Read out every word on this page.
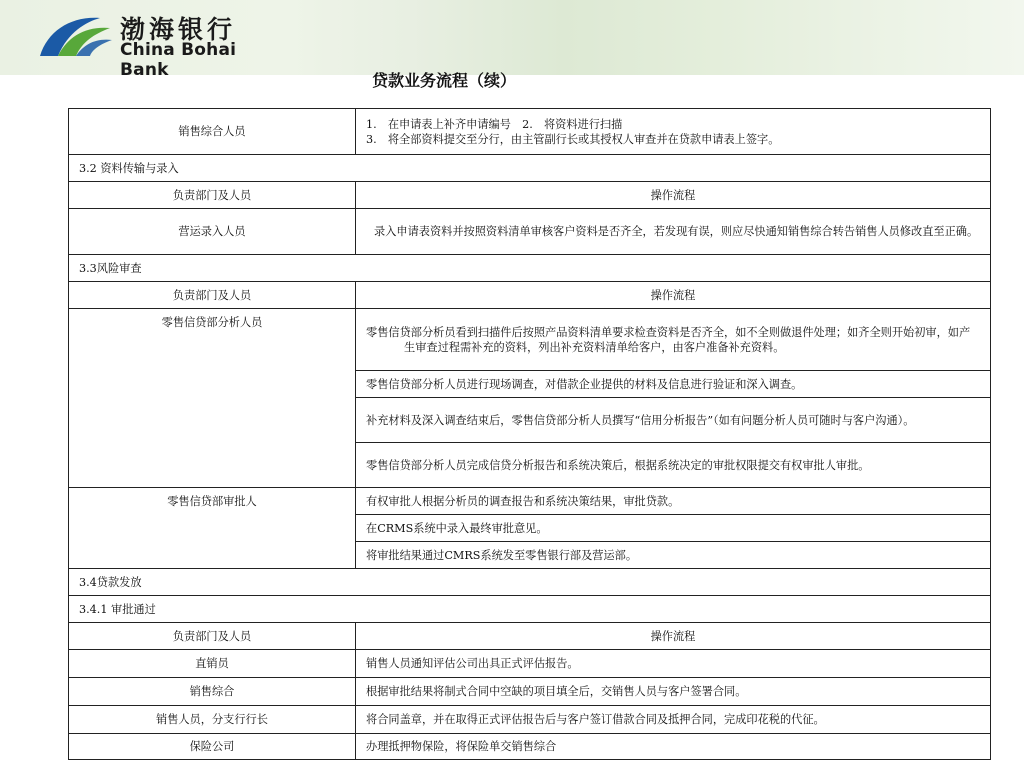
渤海银行
China Bohai Bank
贷款业务流程（续）
销售综合人员	1.　在申请表上补齐申请编号　2.　将资料进行扫描
3.　将全部资料提交至分行，由主管副行长或其授权人审查并在贷款申请表上签字。

3.2 资料传输与录入	
负责部门及人员	操作流程
营运录入人员	录入申请表资料并按照资料清单审核客户资料是否齐全，若发现有误，则应尽快通知销售综合转告销售人员修改直至正确。

3.3风险审查	
负责部门及人员	操作流程
零售信贷部分析人员	零售信贷部分析员看到扫描件后按照产品资料清单要求检查资料是否齐全，如不全则做退件处理；如齐全则开始初审，如产生审查过程需补充的资料，列出补充资料清单给客户，由客户准备补充资料。

	零售信贷部分析人员进行现场调查，对借款企业提供的材料及信息进行验证和深入调查。

	补充材料及深入调查结束后，零售信贷部分析人员撰写“信用分析报告”（如有问题分析人员可随时与客户沟通）。

	零售信贷部分析人员完成信贷分析报告和系统决策后，根据系统决定的审批权限提交有权审批人审批。

零售信贷部审批人	有权审批人根据分析员的调查报告和系统决策结果，审批贷款。
	在CRMS系统中录入最终审批意见。
	将审批结果通过CMRS系统发至零售银行部及营运部。
3.4贷款发放	
3.4.1 审批通过	
负责部门及人员	操作流程
直销员	销售人员通知评估公司出具正式评估报告。
销售综合	根据审批结果将制式合同中空缺的项目填全后，交销售人员与客户签署合同。
销售人员，分支行行长	将合同盖章，并在取得正式评估报告后与客户签订借款合同及抵押合同，完成印花税的代征。
保险公司	办理抵押物保险，将保险单交销售综合
